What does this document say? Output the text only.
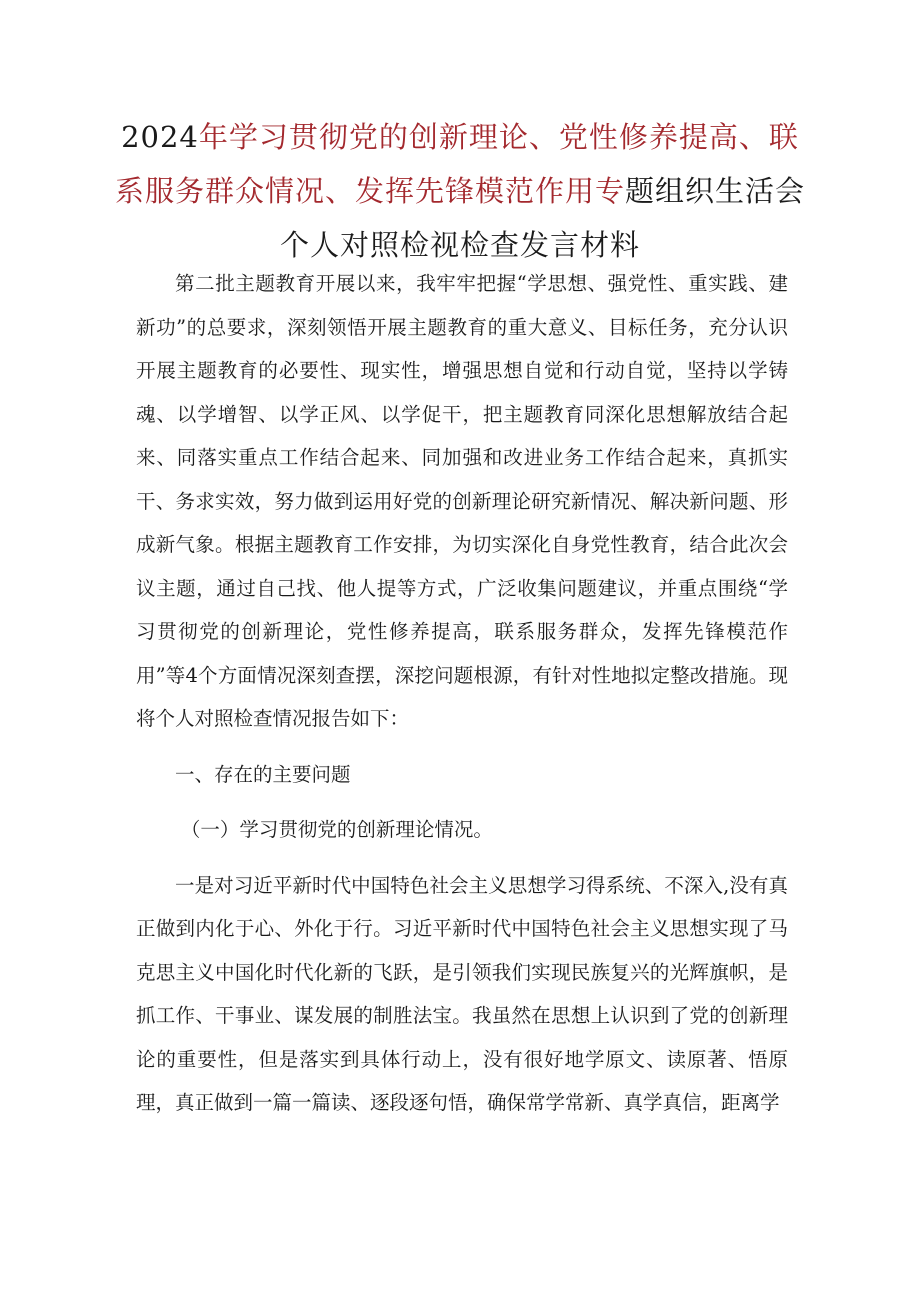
2024年学习贯彻党的创新理论、党性修养提高、联系服务群众情况、发挥先锋模范作用专题组织生活会
个人对照检视检查发言材料

第二批主题教育开展以来，我牢牢把握“学思想、强党性、重实践、建新功”的总要求，深刻领悟开展主题教育的重大意义、目标任务，充分认识开展主题教育的必要性、现实性，增强思想自觉和行动自觉，坚持以学铸魂、以学增智、以学正风、以学促干，把主题教育同深化思想解放结合起来、同落实重点工作结合起来、同加强和改进业务工作结合起来，真抓实干、务求实效，努力做到运用好党的创新理论研究新情况、解决新问题、形成新气象。根据主题教育工作安排，为切实深化自身党性教育，结合此次会议主题，通过自己找、他人提等方式，广泛收集问题建议，并重点围绕“学习贯彻党的创新理论，党性修养提高，联系服务群众，发挥先锋模范作用”等4个方面情况深刻查摆，深挖问题根源，有针对性地拟定整改措施。现将个人对照检查情况报告如下：

一、存在的主要问题

（一）学习贯彻党的创新理论情况。

一是对习近平新时代中国特色社会主义思想学习得系统、不深入,没有真正做到内化于心、外化于行。习近平新时代中国特色社会主义思想实现了马克思主义中国化时代化新的飞跃，是引领我们实现民族复兴的光辉旗帜，是抓工作、干事业、谋发展的制胜法宝。我虽然在思想上认识到了党的创新理论的重要性，但是落实到具体行动上，没有很好地学原文、读原著、悟原理，真正做到一篇一篇读、逐段逐句悟，确保常学常新、真学真信，距离学
